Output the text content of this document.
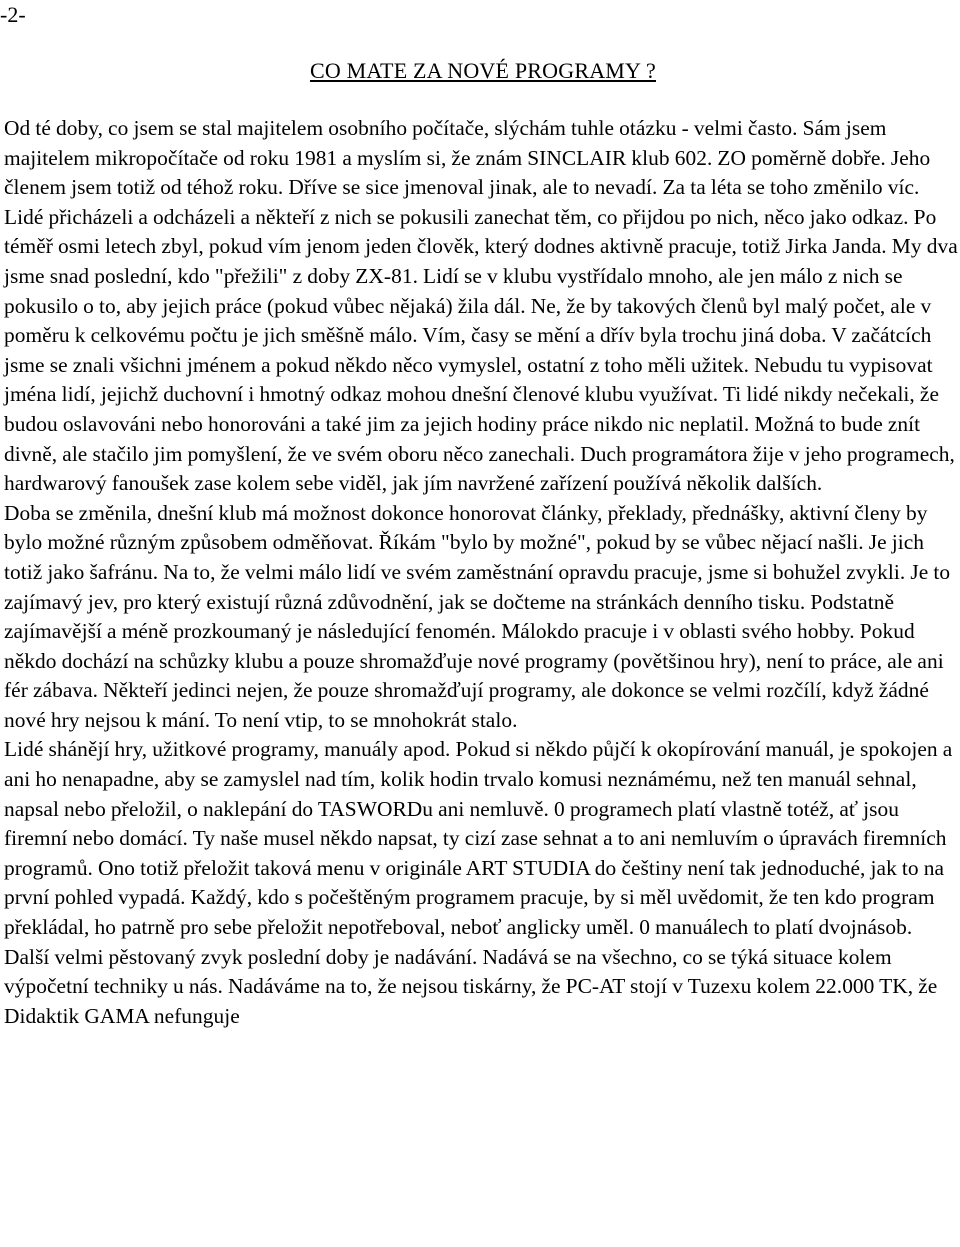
-2-
CO MATE ZA NOVÉ PROGRAMY ?

Od té doby, co jsem se stal majitelem osobního počítače, slýchám tuhle otázku - velmi často. Sám jsem majitelem mikropočítače od roku 1981 a myslím si, že znám SINCLAIR klub 602. ZO poměrně dobře. Jeho členem jsem totiž od téhož roku. Dříve se sice jmenoval jinak, ale to nevadí. Za ta léta se toho změnilo víc. Lidé přicházeli a odcházeli a někteří z nich se pokusili zanechat těm, co přijdou po nich, něco jako odkaz. Po téměř osmi letech zbyl, pokud vím jenom jeden člověk, který dodnes aktivně pracuje, totiž Jirka Janda. My dva jsme snad poslední, kdo "přežili" z doby ZX-81. Lidí se v klubu vystřídalo mnoho, ale jen málo z nich se pokusilo o to, aby jejich práce (pokud vůbec nějaká) žila dál. Ne, že by takových členů byl malý počet, ale v poměru k celkovému počtu je jich směšně málo. Vím, časy se mění a dřív byla trochu jiná doba. V začátcích jsme se znali všichni jménem a pokud někdo něco vymyslel, ostatní z toho měli užitek. Nebudu tu vypisovat jména lidí, jejichž duchovní i hmotný odkaz mohou dnešní členové klubu využívat. Ti lidé nikdy nečekali, že budou oslavováni nebo honorováni a také jim za jejich hodiny práce nikdo nic neplatil. Možná to bude znít divně, ale stačilo jim pomyšlení, že ve svém oboru něco zanechali. Duch programátora žije v jeho programech, hardwarový fanoušek zase kolem sebe viděl, jak jím navržené zařízení používá několik dalších.

Doba se změnila, dnešní klub má možnost dokonce honorovat články, překlady, přednášky, aktivní členy by bylo možné různým způsobem odměňovat. Říkám "bylo by možné", pokud by se vůbec nějací našli. Je jich totiž jako šafránu. Na to, že velmi málo lidí ve svém zaměstnání opravdu pracuje, jsme si bohužel zvykli. Je to zajímavý jev, pro který existují různá zdůvodnění, jak se dočteme na stránkách denního tisku. Podstatně zajímavější a méně prozkoumaný je následující fenomén. Málokdo pracuje i v oblasti svého hobby. Pokud někdo dochází na schůzky klubu a pouze shromažďuje nové programy (povětšinou hry), není to práce, ale ani fér zábava. Někteří jedinci nejen, že pouze shromažďují programy, ale dokonce se velmi rozčílí, když žádné nové hry nejsou k mání. To není vtip, to se mnohokrát stalo.

Lidé shánějí hry, užitkové programy, manuály apod. Pokud si někdo půjčí k okopírování manuál, je spokojen a ani ho nenapadne, aby se zamyslel nad tím, kolik hodin trvalo komusi neznámému, než ten manuál sehnal, napsal nebo přeložil, o naklepání do TASWORDu ani nemluvě. 0 programech platí vlastně totéž, ať jsou firemní nebo domácí. Ty naše musel někdo napsat, ty cizí zase sehnat a to ani nemluvím o úpravách firemních programů. Ono totiž přeložit taková menu v originále ART STUDIA do češtiny není tak jednoduché, jak to na první pohled vypadá. Každý, kdo s počeštěným programem pracuje, by si měl uvědomit, že ten kdo program překládal, ho patrně pro sebe přeložit nepotřeboval, neboť anglicky uměl. 0 manuálech to platí dvojnásob.

Další velmi pěstovaný zvyk poslední doby je nadávání. Nadává se na všechno, co se týká situace kolem výpočetní techniky u nás. Nadáváme na to, že nejsou tiskárny, že PC-AT stojí v Tuzexu kolem 22.000 TK, že Didaktik GAMA nefunguje
